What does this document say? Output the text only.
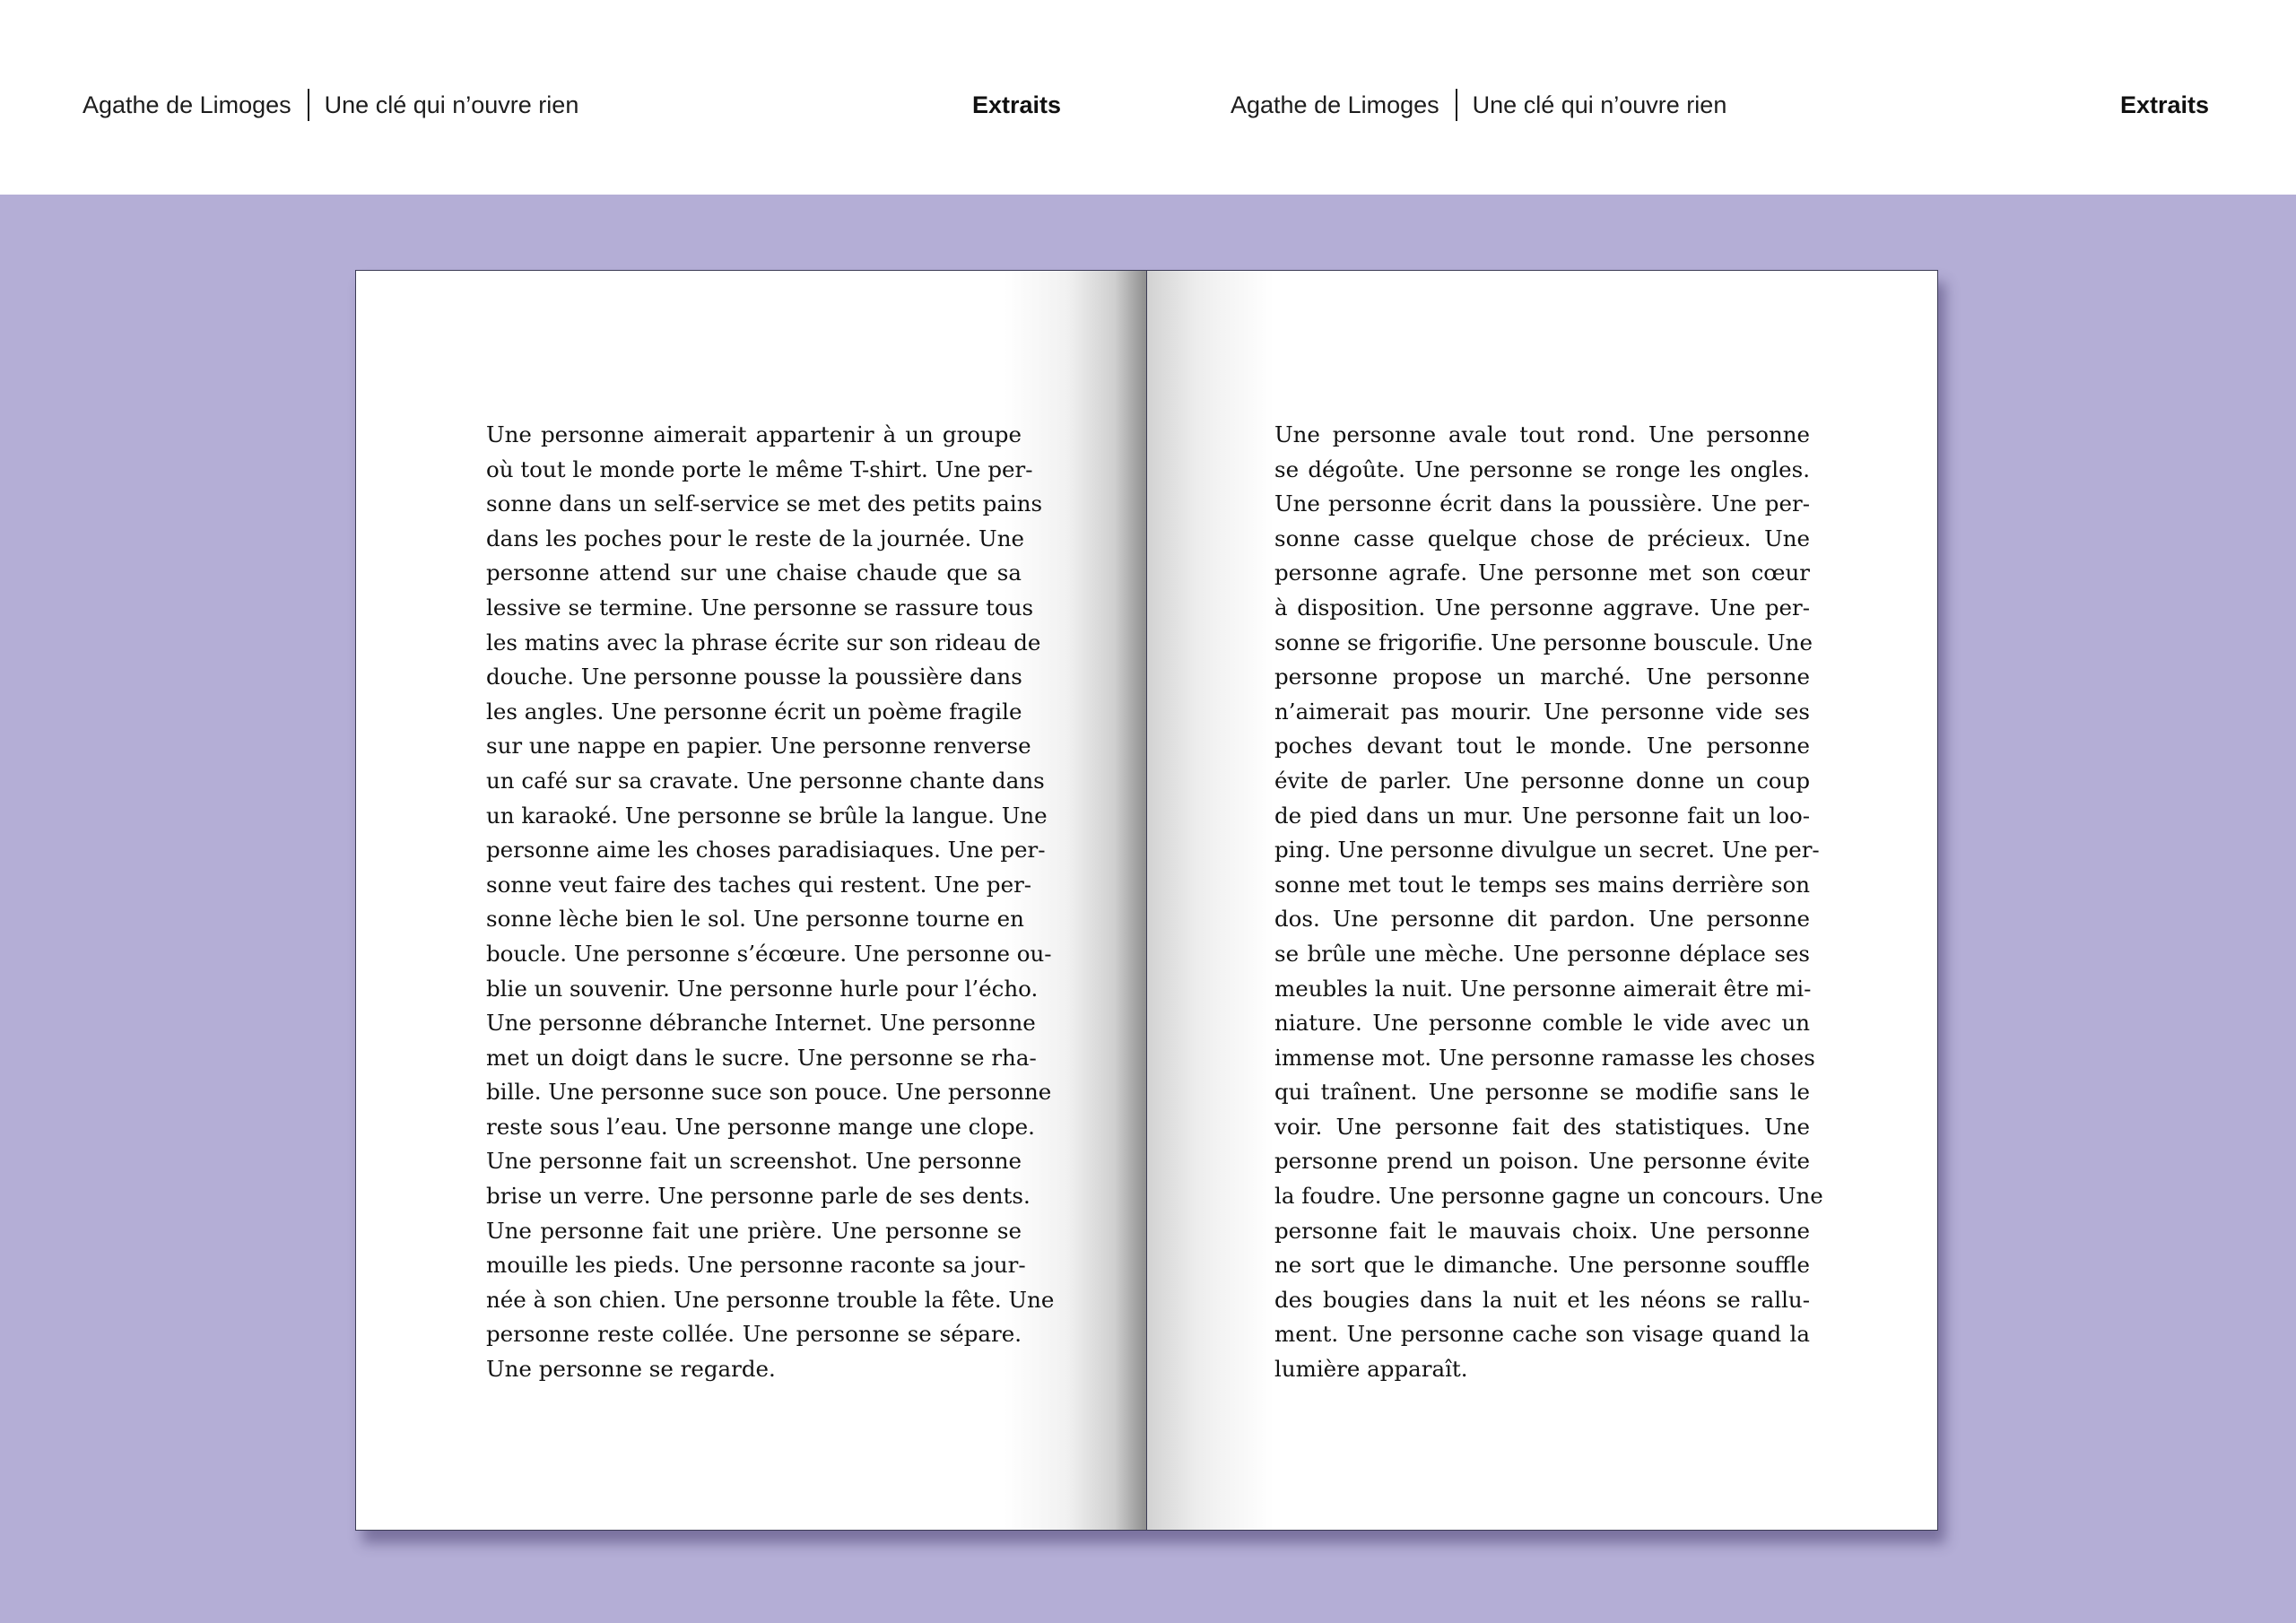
Agathe de Limoges Une clé qui n’ouvre rien	Extraits	Agathe de Limoges Une clé qui n’ouvre rien	Extraits
Une personne aimerait appartenir à un groupe
où tout le monde porte le même T-shirt. Une per-
sonne dans un self-service se met des petits pains
dans les poches pour le reste de la journée. Une
personne attend sur une chaise chaude que sa
lessive se termine. Une personne se rassure tous
les matins avec la phrase écrite sur son rideau de
douche. Une personne pousse la poussière dans
les angles. Une personne écrit un poème fragile
sur une nappe en papier. Une personne renverse
un café sur sa cravate. Une personne chante dans
un karaoké. Une personne se brûle la langue. Une
personne aime les choses paradisiaques. Une per-
sonne veut faire des taches qui restent. Une per-
sonne lèche bien le sol. Une personne tourne en
boucle. Une personne s’écœure. Une personne ou-
blie un souvenir. Une personne hurle pour l’écho.
Une personne débranche Internet. Une personne
met un doigt dans le sucre. Une personne se rha-
bille. Une personne suce son pouce. Une personne
reste sous l’eau. Une personne mange une clope.
Une personne fait un screenshot. Une personne
brise un verre. Une personne parle de ses dents.
Une personne fait une prière. Une personne se
mouille les pieds. Une personne raconte sa jour-
née à son chien. Une personne trouble la fête. Une
personne reste collée. Une personne se sépare.
Une personne se regarde.
Une personne avale tout rond. Une personne
se dégoûte. Une personne se ronge les ongles.
Une personne écrit dans la poussière. Une per-
sonne casse quelque chose de précieux. Une
personne agrafe. Une personne met son cœur
à disposition. Une personne aggrave. Une per-
sonne se frigorifie. Une personne bouscule. Une
personne propose un marché. Une personne
n’aimerait pas mourir. Une personne vide ses
poches devant tout le monde. Une personne
évite de parler. Une personne donne un coup
de pied dans un mur. Une personne fait un loo-
ping. Une personne divulgue un secret. Une per-
sonne met tout le temps ses mains derrière son
dos. Une personne dit pardon. Une personne
se brûle une mèche. Une personne déplace ses
meubles la nuit. Une personne aimerait être mi-
niature. Une personne comble le vide avec un
immense mot. Une personne ramasse les choses
qui traînent. Une personne se modifie sans le
voir. Une personne fait des statistiques. Une
personne prend un poison. Une personne évite
la foudre. Une personne gagne un concours. Une
personne fait le mauvais choix. Une personne
ne sort que le dimanche. Une personne souffle
des bougies dans la nuit et les néons se rallu-
ment. Une personne cache son visage quand la
lumière apparaît.
